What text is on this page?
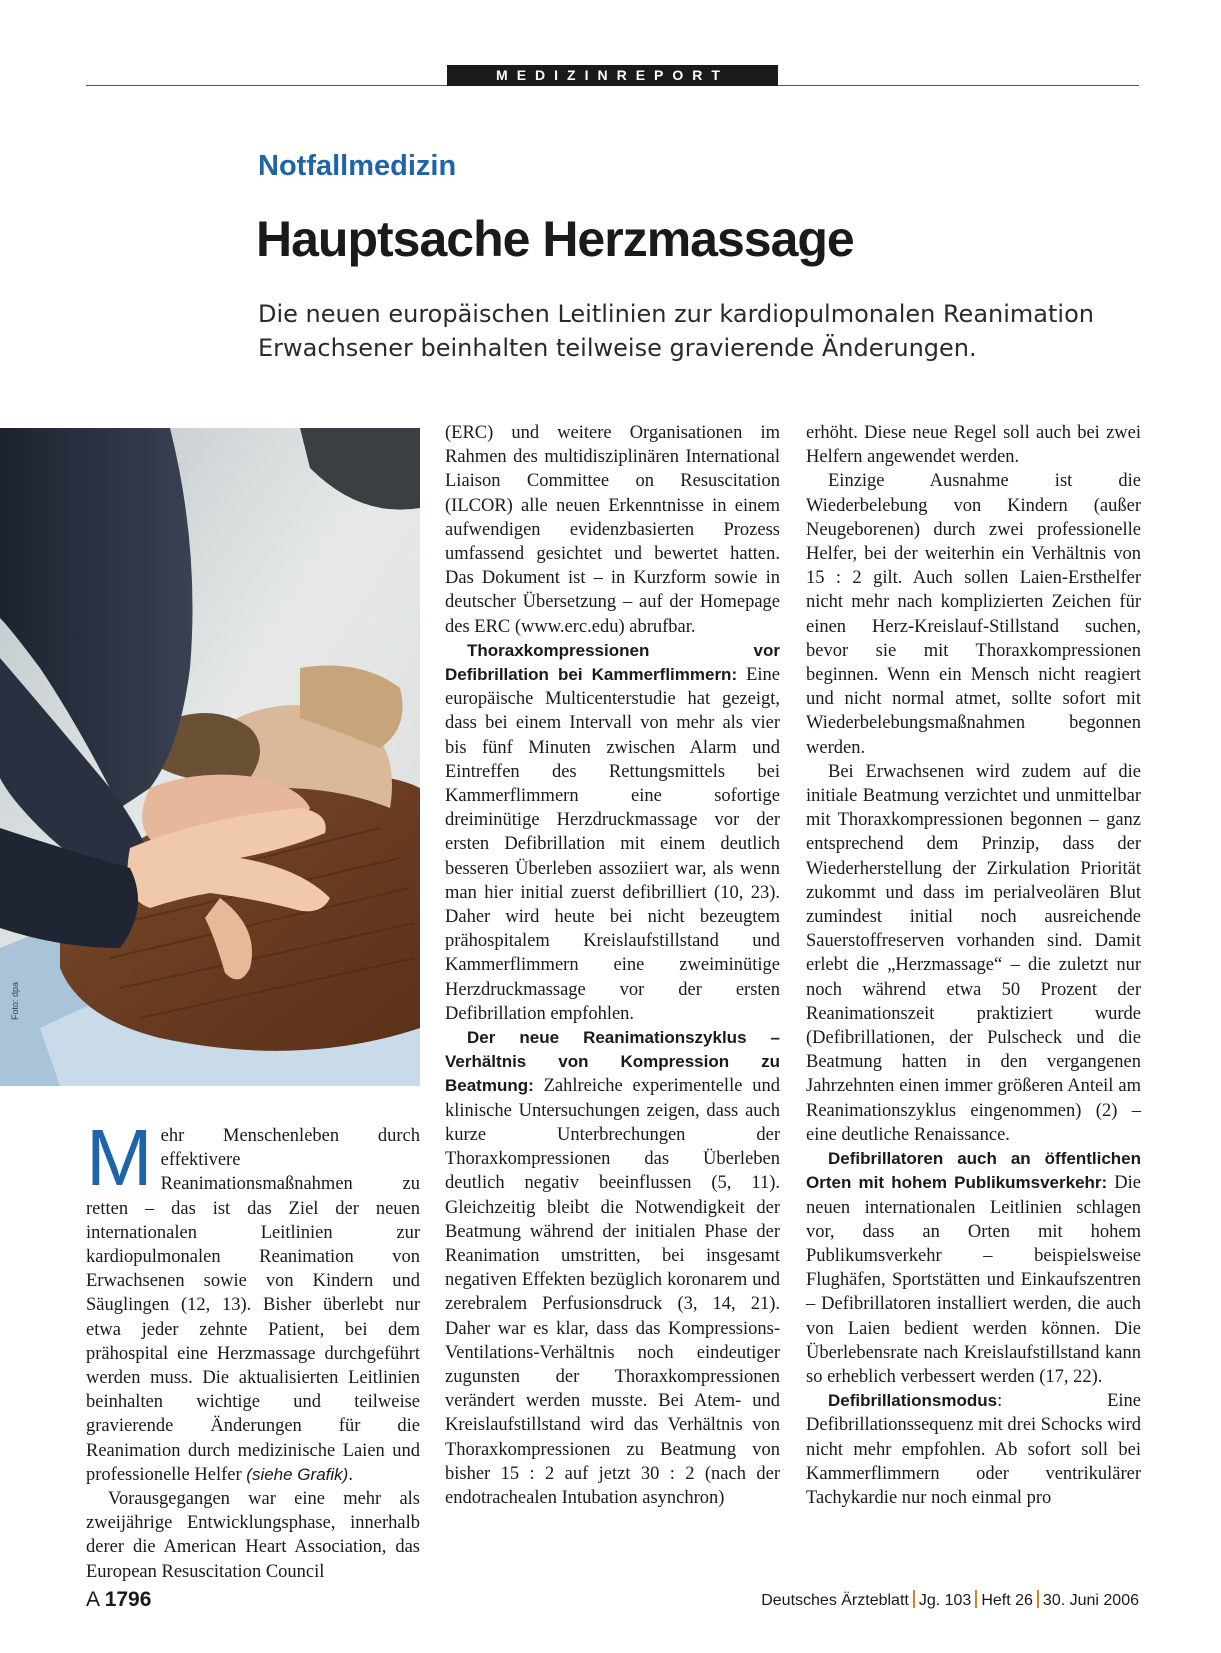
MEDIZINREPORT
Notfallmedizin
Hauptsache Herzmassage

Die neuen europäischen Leitlinien zur kardiopulmonalen Reanimation
Erwachsener beinhalten teilweise gravierende Änderungen.

Foto: dpa

Mehr Menschenleben durch effektivere Reanimationsmaßnahmen zu retten – das ist das Ziel der neuen internationalen Leitlinien zur kardiopulmonalen Reanimation von Erwachsenen sowie von Kindern und Säuglingen (12, 13). Bisher überlebt nur etwa jeder zehnte Patient, bei dem prähospital eine Herzmassage durchgeführt werden muss. Die aktualisierten Leitlinien beinhalten wichtige und teilweise gravierende Änderungen für die Reanimation durch medizinische Laien und professionelle Helfer (siehe Grafik).

Vorausgegangen war eine mehr als zweijährige Entwicklungsphase, innerhalb derer die American Heart Association, das European Resuscitation Council

(ERC) und weitere Organisationen im Rahmen des multidisziplinären International Liaison Committee on Resuscitation (ILCOR) alle neuen Erkenntnisse in einem aufwendigen evidenzbasierten Prozess umfassend gesichtet und bewertet hatten. Das Dokument ist – in Kurzform sowie in deutscher Übersetzung – auf der Homepage des ERC (www.erc.edu) abrufbar.

Thoraxkompressionen vor Defibrillation bei Kammerflimmern: Eine europäische Multicenterstudie hat gezeigt, dass bei einem Intervall von mehr als vier bis fünf Minuten zwischen Alarm und Eintreffen des Rettungsmittels bei Kammerflimmern eine sofortige dreiminütige Herzdruckmassage vor der ersten Defibrillation mit einem deutlich besseren Überleben assoziiert war, als wenn man hier initial zuerst defibrilliert (10, 23). Daher wird heute bei nicht bezeugtem prähospitalem Kreislaufstillstand und Kammerflimmern eine zweiminütige Herzdruckmassage vor der ersten Defibrillation empfohlen.

Der neue Reanimationszyklus – Verhältnis von Kompression zu Beatmung: Zahlreiche experimentelle und klinische Untersuchungen zeigen, dass auch kurze Unterbrechungen der Thoraxkompressionen das Überleben deutlich negativ beeinflussen (5, 11). Gleichzeitig bleibt die Notwendigkeit der Beatmung während der initialen Phase der Reanimation umstritten, bei insgesamt negativen Effekten bezüglich koronarem und zerebralem Perfusionsdruck (3, 14, 21). Daher war es klar, dass das Kompressions-Ventilations-Verhältnis noch eindeutiger zugunsten der Thoraxkompressionen verändert werden musste. Bei Atem- und Kreislaufstillstand wird das Verhältnis von Thoraxkompressionen zu Beatmung von bisher 15 : 2 auf jetzt 30 : 2 (nach der endotrachealen Intubation asynchron)

erhöht. Diese neue Regel soll auch bei zwei Helfern angewendet werden.

Einzige Ausnahme ist die Wiederbelebung von Kindern (außer Neugeborenen) durch zwei professionelle Helfer, bei der weiterhin ein Verhältnis von 15 : 2 gilt. Auch sollen Laien-Ersthelfer nicht mehr nach komplizierten Zeichen für einen Herz-Kreislauf-Stillstand suchen, bevor sie mit Thoraxkompressionen beginnen. Wenn ein Mensch nicht reagiert und nicht normal atmet, sollte sofort mit Wiederbelebungsmaßnahmen begonnen werden.

Bei Erwachsenen wird zudem auf die initiale Beatmung verzichtet und unmittelbar mit Thoraxkompressionen begonnen – ganz entsprechend dem Prinzip, dass der Wiederherstellung der Zirkulation Priorität zukommt und dass im perialveolären Blut zumindest initial noch ausreichende Sauerstoffreserven vorhanden sind. Damit erlebt die „Herzmassage“ – die zuletzt nur noch während etwa 50 Prozent der Reanimationszeit praktiziert wurde (Defibrillationen, der Pulscheck und die Beatmung hatten in den vergangenen Jahrzehnten einen immer größeren Anteil am Reanimationszyklus eingenommen) (2) – eine deutliche Renaissance.

Defibrillatoren auch an öffentlichen Orten mit hohem Publikumsverkehr: Die neuen internationalen Leitlinien schlagen vor, dass an Orten mit hohem Publikumsverkehr – beispielsweise Flughäfen, Sportstätten und Einkaufszentren – Defibrillatoren installiert werden, die auch von Laien bedient werden können. Die Überlebensrate nach Kreislaufstillstand kann so erheblich verbessert werden (17, 22).

Defibrillationsmodus: Eine Defibrillationssequenz mit drei Schocks wird nicht mehr empfohlen. Ab sofort soll bei Kammerflimmern oder ventrikulärer Tachykardie nur noch einmal pro

A 1796	Deutsches Ärzteblatt Jg. 103 Heft 26 30. Juni 2006
